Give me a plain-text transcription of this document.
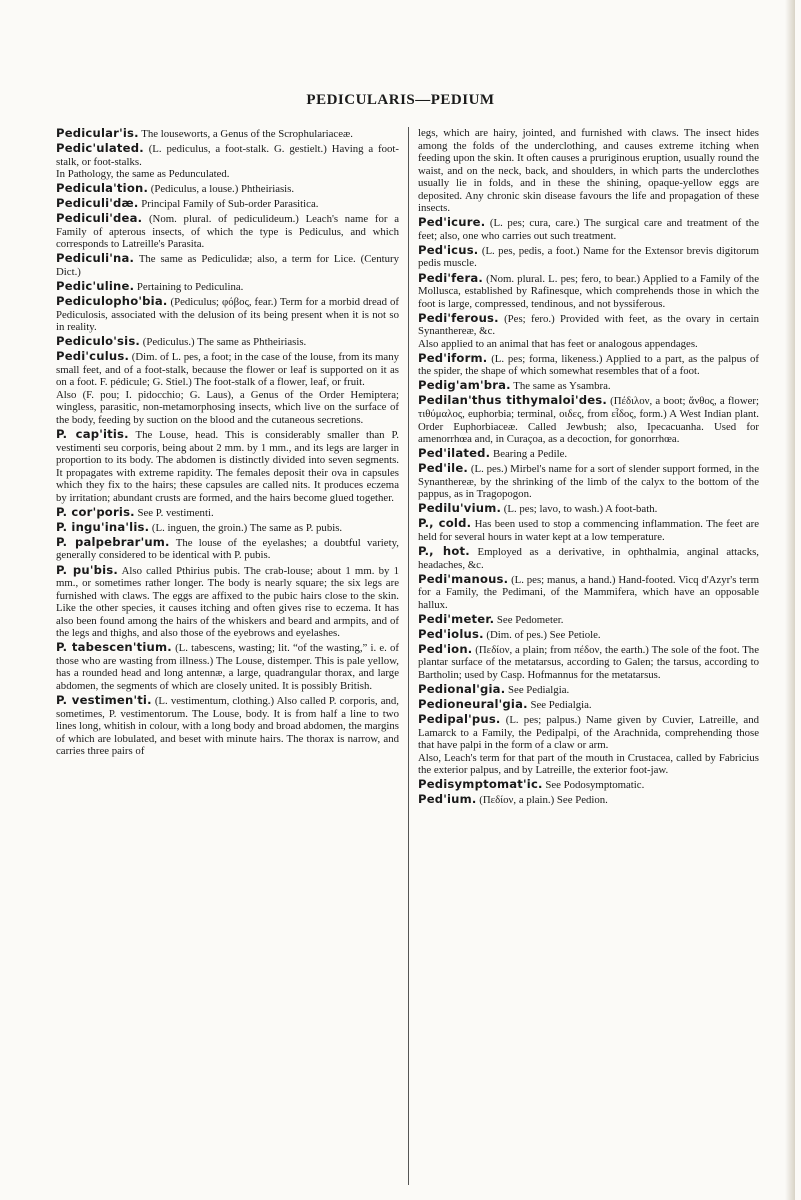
PEDICULARIS—PEDIUM

Pedicular'is. The louseworts, a Genus of the Scrophulariaceæ.

Pedic'ulated. (L. pediculus, a foot-stalk. G. gestielt.) Having a foot-stalk, or foot-stalks.

In Pathology, the same as Pedunculated.

Pedicula'tion. (Pediculus, a louse.) Phtheiriasis.

Pediculi'dæ. Principal Family of Sub-order Parasitica.

Pediculi'dea. (Nom. plural. of pediculideum.) Leach's name for a Family of apterous insects, of which the type is Pediculus, and which corresponds to Latreille's Parasita.

Pediculi'na. The same as Pediculidæ; also, a term for Lice. (Century Dict.)

Pedic'uline. Pertaining to Pediculina.

Pediculopho'bia. (Pediculus; φόβος, fear.) Term for a morbid dread of Pediculosis, associated with the delusion of its being present when it is not so in reality.

Pediculo'sis. (Pediculus.) The same as Phtheiriasis.

Pedi'culus. (Dim. of L. pes, a foot; in the case of the louse, from its many small feet, and of a foot-stalk, because the flower or leaf is supported on it as on a foot. F. pédicule; G. Stiel.) The foot-stalk of a flower, leaf, or fruit.

Also (F. pou; I. pidocchio; G. Laus), a Genus of the Order Hemiptera; wingless, parasitic, non-metamorphosing insects, which live on the surface of the body, feeding by suction on the blood and the cutaneous secretions.

P. cap'itis. The Louse, head. This is considerably smaller than P. vestimenti seu corporis, being about 2 mm. by 1 mm., and its legs are larger in proportion to its body. The abdomen is distinctly divided into seven segments. It propagates with extreme rapidity. The females deposit their ova in capsules which they fix to the hairs; these capsules are called nits. It produces eczema by irritation; abundant crusts are formed, and the hairs become glued together.

P. cor'poris. See P. vestimenti.

P. ingu'ina'lis. (L. inguen, the groin.) The same as P. pubis.

P. palpebrar'um. The louse of the eyelashes; a doubtful variety, generally considered to be identical with P. pubis.

P. pu'bis. Also called Pthirius pubis. The crab-louse; about 1 mm. by 1 mm., or sometimes rather longer. The body is nearly square; the six legs are furnished with claws. The eggs are affixed to the pubic hairs close to the skin. Like the other species, it causes itching and often gives rise to eczema. It has also been found among the hairs of the whiskers and beard and armpits, and of the legs and thighs, and also those of the eyebrows and eyelashes.

P. tabescen'tium. (L. tabescens, wasting; lit. “of the wasting,” i. e. of those who are wasting from illness.) The Louse, distemper. This is pale yellow, has a rounded head and long antennæ, a large, quadrangular thorax, and large abdomen, the segments of which are closely united. It is possibly British.

P. vestimen'ti. (L. vestimentum, clothing.) Also called P. corporis, and, sometimes, P. vestimentorum. The Louse, body. It is from half a line to two lines long, whitish in colour, with a long body and broad abdomen, the margins of which are lobulated, and beset with minute hairs. The thorax is narrow, and carries three pairs of

legs, which are hairy, jointed, and furnished with claws. The insect hides among the folds of the underclothing, and causes extreme itching when feeding upon the skin. It often causes a pruriginous eruption, usually round the waist, and on the neck, back, and shoulders, in which parts the underclothes usually lie in folds, and in these the shining, opaque-yellow eggs are deposited. Any chronic skin disease favours the life and propagation of these insects.

Ped'icure. (L. pes; cura, care.) The surgical care and treatment of the feet; also, one who carries out such treatment.

Ped'icus. (L. pes, pedis, a foot.) Name for the Extensor brevis digitorum pedis muscle.

Pedi'fera. (Nom. plural. L. pes; fero, to bear.) Applied to a Family of the Mollusca, established by Rafinesque, which comprehends those in which the foot is large, compressed, tendinous, and not byssiferous.

Pedi'ferous. (Pes; fero.) Provided with feet, as the ovary in certain Synanthereæ, &c.

Also applied to an animal that has feet or analogous appendages.

Ped'iform. (L. pes; forma, likeness.) Applied to a part, as the palpus of the spider, the shape of which somewhat resembles that of a foot.

Pedig'am'bra. The same as Ysambra.

Pedilan'thus tithymaloi'des. (Πέδιλον, a boot; ἄνθος, a flower; τιθύμαλος, euphorbia; terminal, οιδες, from εἶδος, form.) A West Indian plant. Order Euphorbiaceæ. Called Jewbush; also, Ipecacuanha. Used for amenorrhœa and, in Curaçoa, as a decoction, for gonorrhœa.

Ped'ilated. Bearing a Pedile.

Ped'ile. (L. pes.) Mirbel's name for a sort of slender support formed, in the Synanthereæ, by the shrinking of the limb of the calyx to the bottom of the pappus, as in Tragopogon.

Pedilu'vium. (L. pes; lavo, to wash.) A foot-bath.

P., cold. Has been used to stop a commencing inflammation. The feet are held for several hours in water kept at a low temperature.

P., hot. Employed as a derivative, in ophthalmia, anginal attacks, headaches, &c.

Pedi'manous. (L. pes; manus, a hand.) Hand-footed. Vicq d'Azyr's term for a Family, the Pedimani, of the Mammifera, which have an opposable hallux.

Pedi'meter. See Pedometer.

Ped'iolus. (Dim. of pes.) See Petiole.

Ped'ion. (Πεδίον, a plain; from πέδον, the earth.) The sole of the foot. The plantar surface of the metatarsus, according to Galen; the tarsus, according to Bartholin; used by Casp. Hofmannus for the metatarsus.

Pedional'gia. See Pedialgia.

Pedioneural'gia. See Pedialgia.

Pedipal'pus. (L. pes; palpus.) Name given by Cuvier, Latreille, and Lamarck to a Family, the Pedipalpi, of the Arachnida, comprehending those that have palpi in the form of a claw or arm.

Also, Leach's term for that part of the mouth in Crustacea, called by Fabricius the exterior palpus, and by Latreille, the exterior foot-jaw.

Pedisymptomat'ic. See Podosymptomatic.

Ped'ium. (Πεδίον, a plain.) See Pedion.
